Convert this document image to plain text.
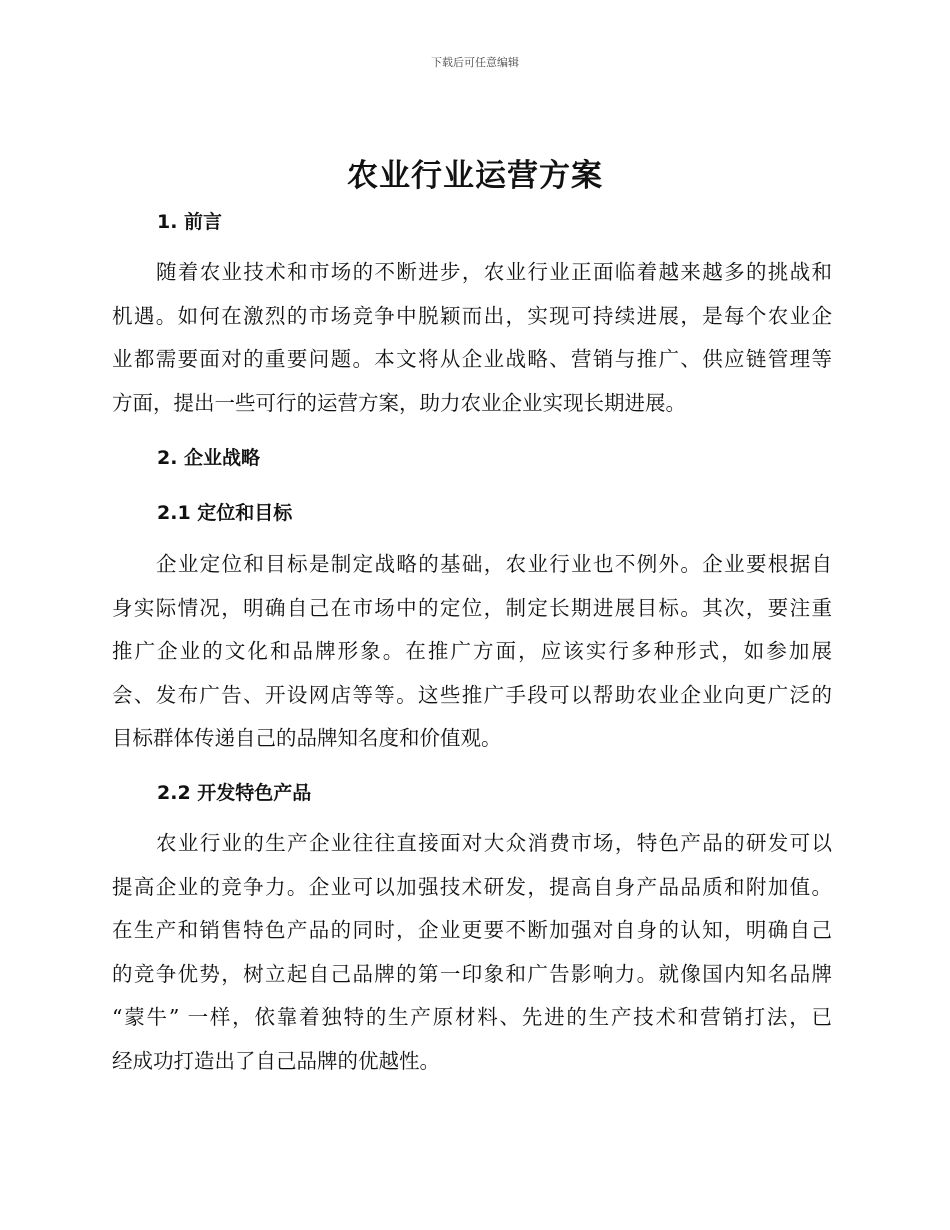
下载后可任意编辑
农业行业运营方案
1. 前言
随着农业技术和市场的不断进步，农业行业正面临着越来越多的挑战和
机遇。如何在激烈的市场竞争中脱颖而出，实现可持续进展，是每个农业企
业都需要面对的重要问题。本文将从企业战略、营销与推广、供应链管理等
方面，提出一些可行的运营方案，助力农业企业实现长期进展。
2. 企业战略
2.1 定位和目标
企业定位和目标是制定战略的基础，农业行业也不例外。企业要根据自
身实际情况，明确自己在市场中的定位，制定长期进展目标。其次，要注重
推广企业的文化和品牌形象。在推广方面，应该实行多种形式，如参加展
会、发布广告、开设网店等等。这些推广手段可以帮助农业企业向更广泛的
目标群体传递自己的品牌知名度和价值观。
2.2 开发特色产品
农业行业的生产企业往往直接面对大众消费市场，特色产品的研发可以
提高企业的竞争力。企业可以加强技术研发，提高自身产品品质和附加值。
在生产和销售特色产品的同时，企业更要不断加强对自身的认知，明确自己
的竞争优势，树立起自己品牌的第一印象和广告影响力。就像国内知名品牌
“蒙牛” 一样，依靠着独特的生产原材料、先进的生产技术和营销打法，已
经成功打造出了自己品牌的优越性。
